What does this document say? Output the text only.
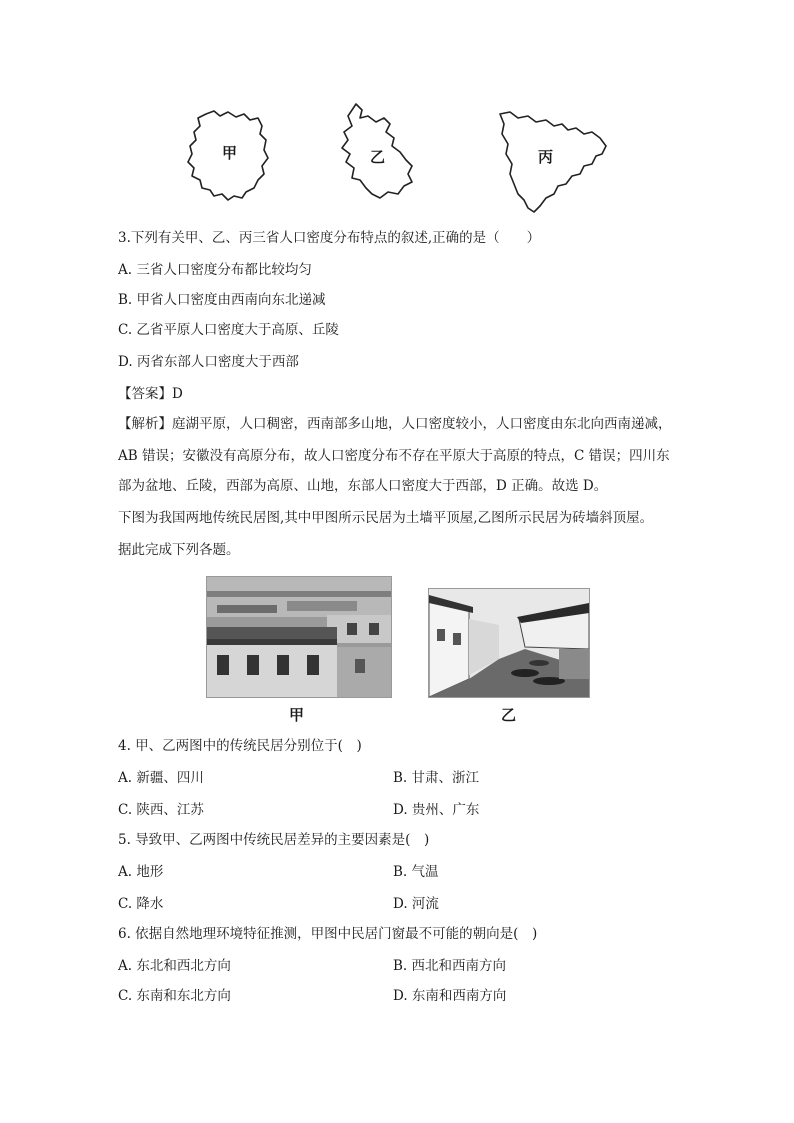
甲	乙	丙
3.下列有关甲、乙、丙三省人口密度分布特点的叙述,正确的是（　　）
A. 三省人口密度分布都比较均匀
B. 甲省人口密度由西南向东北递减
C. 乙省平原人口密度大于高原、丘陵
D. 丙省东部人口密度大于西部
【答案】D
【解析】庭湖平原，人口稠密，西南部多山地，人口密度较小，人口密度由东北向西南递减，
AB 错误；安徽没有高原分布，故人口密度分布不存在平原大于高原的特点，C 错误；四川东
部为盆地、丘陵，西部为高原、山地，东部人口密度大于西部，D 正确。故选 D。
下图为我国两地传统民居图,其中甲图所示民居为土墙平顶屋,乙图所示民居为砖墙斜顶屋。
据此完成下列各题。
甲	乙
4. 甲、乙两图中的传统民居分别位于(　)
A. 新疆、四川	B. 甘肃、浙江
C. 陕西、江苏	D. 贵州、广东
5. 导致甲、乙两图中传统民居差异的主要因素是(　)
A. 地形	B. 气温
C. 降水	D. 河流
6. 依据自然地理环境特征推测，甲图中民居门窗最不可能的朝向是(　)
A. 东北和西北方向	B. 西北和西南方向
C. 东南和东北方向	D. 东南和西南方向
